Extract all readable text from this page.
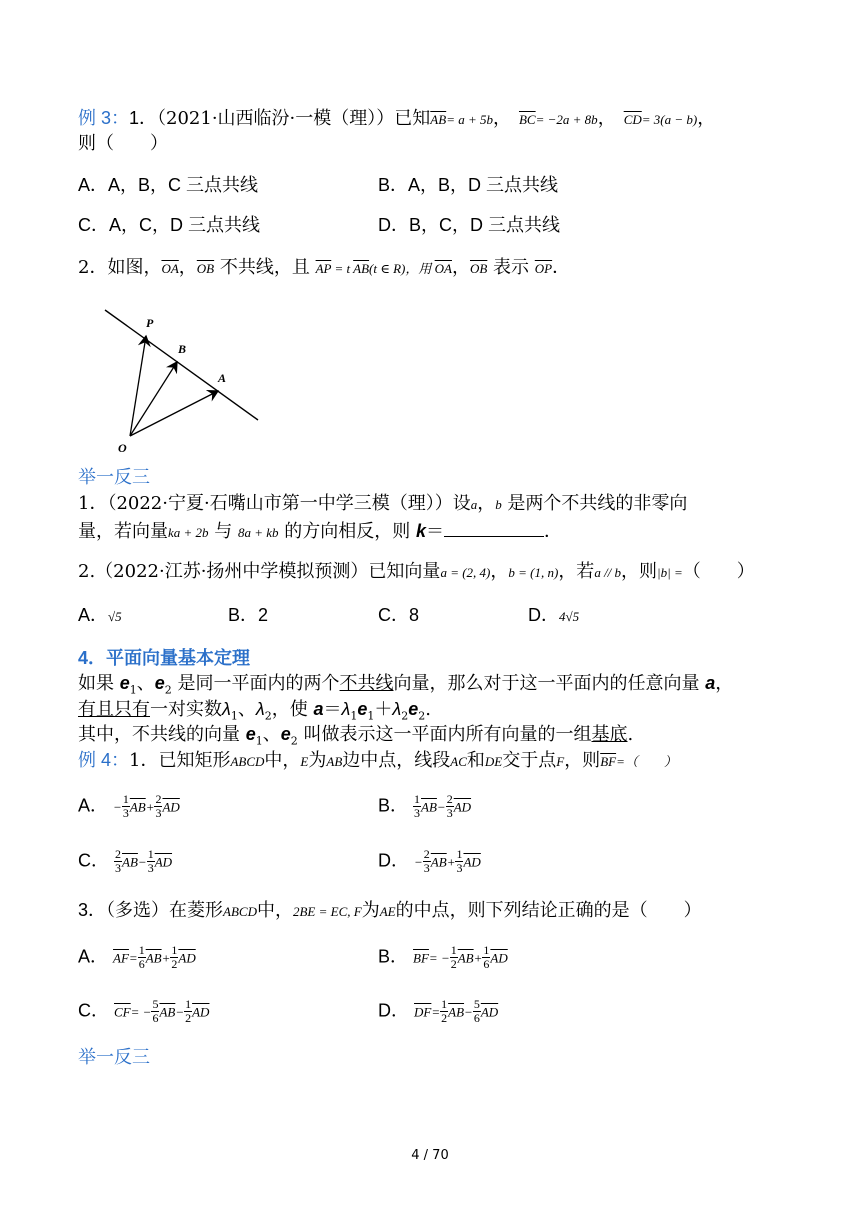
例 3：1．（2021·山西临汾·一模（理））已知$\overline{AB}= a + 5b$， $\overline{BC}= -2a + 8b$， $\overline{CD}= 3(a - b)$，
则（　　）
A．A，B，C 三点共线	B．A，B，D 三点共线
C．A，C，D 三点共线	D．B，C，D 三点共线
2．如图，$\overline{OA}$，$\overline{OB}$ 不共线，且 $\overline{AP} = t$ $\overline{AB}(t$ ∈ R)，用 $\overline{OA}$，$\overline{OB}$ 表示 $\overline{OP}$．
P
B
A
O
举一反三
1．（2022·宁夏·石嘴山市第一中学三模（理））设a，b 是两个不共线的非零向
量，若向量ka + 2b 与 8a + kb 的方向相反，则 k＝	．
2.（2022·江苏·扬州中学模拟预测）已知向量a = (2, 4)，b = (1, n)，若a // b，则|b| =（　　）
A．√5	B．2	C．8	D．4√5
4．平面向量基本定理
如果 $e_1$、$e_2$ 是同一平面内的两个不共线向量，那么对于这一平面内的任意向量 a，
有且只有一对实数$\lambda_1$、$\lambda_2$，使 $a=\lambda_1e_1+\lambda_2e_2$.
其中，不共线的向量 $e_1$、$e_2$ 叫做表示这一平面内所有向量的一组基底.
例 4：1．已知矩形ABCD中，E为AB边中点，线段AC和DE交于点F，则$\overline{BF}=$（　　）
A． − $\frac{1}{3} \overline{AB}+ \frac{2}{3} \overline{AD}$	B． $\frac{1}{3} \overline{AB}- \frac{2}{3} \overline{AD}$
C． $\frac{2}{3} \overline{AB}- \frac{1}{3} \overline{AD}$	D． − $\frac{2}{3} \overline{AB}+ \frac{1}{3} \overline{AD}$
3．（多选）在菱形ABCD中，2BE = EC, F为AE的中点，则下列结论正确的是（　　）
A． $\overline{AF}= \frac{1}{6} \overline{AB}+ \frac{1}{2} \overline{AD}$	B． $\overline{BF}= - \frac{1}{2} \overline{AB}+ \frac{1}{6} \overline{AD}$
C． $\overline{CF}= - \frac{5}{6} \overline{AB}- \frac{1}{2} \overline{AD}$	D． $\overline{DF}= \frac{1}{2} \overline{AB}- \frac{5}{6} \overline{AD}$
举一反三
4 / 70
